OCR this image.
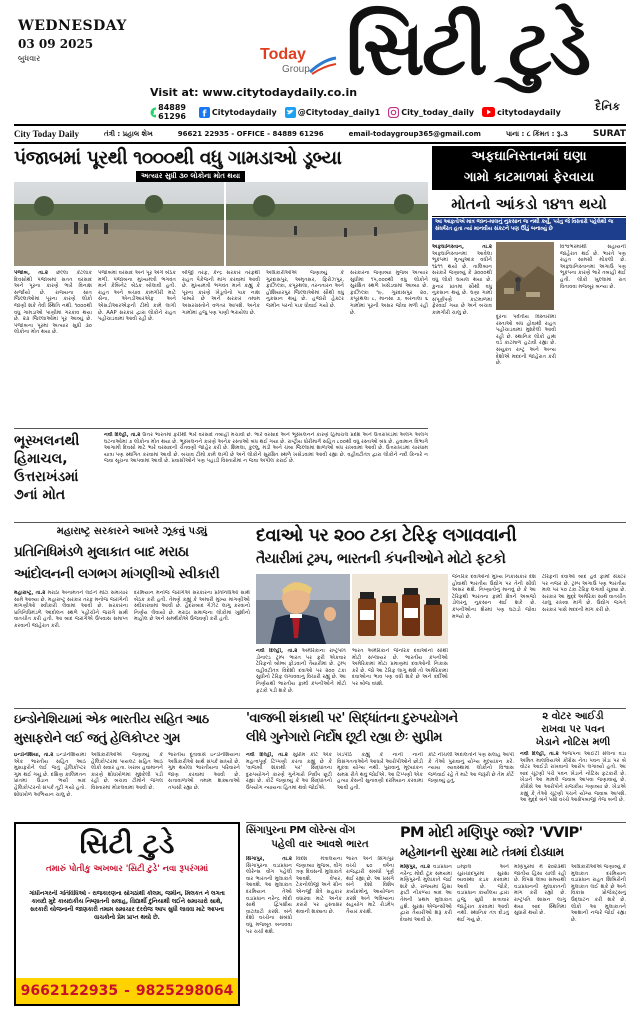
WEDNESDAY
03 09 2025
બુધવાર	Today
Group
Visit at: www.citytodaydaily.co.in
સિટી ટુડે
દૈનિક
84889 61296	f Citytodaydaily	@Citytoday_daily1	City_today_daily	citytodaydaily
City Today Daily	તંત્રી : પ્રહાલ શેખ	96621 22935 - OFFICE - 84889 61296	email-todaygroup365@gmail.com	પાના : ૮ કિંમત : રૂ.૩	SURAT
પંજાબમાં પૂરથી ૧૦૦૦થી વધુ ગામડાઓ ડૂબ્યા
અત્યાર સુધી ૩૦ લોકોના મોત થયા
પંજાબ, તા.૨ છેલ્લા કેટલાક દિવસોથી પંજાબમાં સતત વરસાદ અને પૂરના કારણે ભારે વિનાશ સર્જાયો છે. રાજ્યના સાત જિલ્લાઓમાં પૂરના કારણે લોકો જાણી શકે તેવી સ્થિતિ નથી. ૧૦૦૦થી વધુ ગામડાઓ પાણીમાં ગરકાવ થયા છે. ૨૩ જિલ્લાઓમાં પૂર આવ્યું છે. પંજાબના પૂરમાં અત્યાર સુધી ૩૦ લોકોના મોત થયા છે.
પંજાબમાં વરસાદ અને પૂર અંગે બેઠક મળી. પંજાબના મુખ્યમંત્રી ભગવંત માને કેબિનેટ બેઠક બોલાવી હતી. રાહત અને બચાવ કામગીરી માટે સેના, એનડીઆરએફ અને એસડીઆરએફની ટીમો કામે લાગી છે. AAP સરકાર દ્વારા લોકોને રાહત પહોંચાડવામાં આવી રહી છે.
બીજી તરફ, કેન્દ્ર સરકાર તરફથી રાહત પેકેજની માંગ કરવામાં આવી છે. મુખ્યમંત્રી ભગવંત માને કહ્યું કે પૂરના કારણે ખેડૂતોનો પાક નાશ પામ્યો છે અને સરકાર તમામ અસરગ્રસ્તોને વળતર આપશે. અનેક ગામોમાં હજુ પણ પાણી ભરાયેલા છે.
અધિકારીઓએ જણાવ્યું કે ગુરદાસપુર, અમૃતસર, ફિરોઝપુર, ફાઝિલ્કા, કપૂરથલા, તરનતારન અને હોશિયારપુર જિલ્લાઓમાં સૌથી વધુ નુકસાન થયું છે. હજારો હેક્ટર જમીન પરનો પાક ધોવાઈ ગયો છે.
સરકારના જણાવ્યા મુજબ અત્યાર સુધીમાં ૧૫,૦૦૦થી વધુ લોકોને સુરક્ષિત સ્થળે ખસેડવામાં આવ્યા છે. ફાઝિલ્કા ૧૯, ગુરદાસપુર ૨૦, કપૂરથલા ૮, માનસા ૭, બરનાલા ૬ ગામોમાં પૂરની અસર જોવા મળી રહી છે.
અફઘાનિસ્તાનમાં ઘણા
ગામો કાટમાળમાં ફેરવાયા
મોતનો આંકડો ૧૪૧૧ થયો
આ આફતોએ માત્ર જાન-માલનું નુકસાન જ નથી કર્યું, પરંતુ જે વિસ્તારો પહેલેથી જ સંઘર્ષરત હતા ત્યાં માનવીય સંકટને પણ ઊંડું બનાવ્યું છે
અફઘાનિસ્તાન, તા.૨ અફઘાનિસ્તાનમાં આવેલા ભૂકંપમાં મૃત્યુઆંક વધીને ૧૪૧૧ થયો છે. તાલિબાન સરકારે જણાવ્યું કે ૩૦૦૦થી વધુ લોકો ઘાયલ થયા છે. કુનાર પ્રાંતમાં સૌથી વધુ નુકસાન થયું છે. ઘણા ગામો સંપૂર્ણપણે કાટમાળમાં ફેરવાઈ ગયા છે અને બચાવ કામગીરી ચાલુ છે.
દૂરના પર્વતીય વિસ્તારોમાં રસ્તાઓ બંધ હોવાથી રાહત પહોંચાડવામાં મુશ્કેલી આવી રહી છે. સ્થાનિક લોકો હાથ વડે કાટમાળ હટાવી રહ્યા છે. સંયુક્ત રાષ્ટ્ર અને અન્ય દેશોએ મદદની જાહેરાત કરી છે.
વિશ્વભરમાંથી સહાયની જાહેરાત થઈ છે. ભારતે પણ રાહત સામગ્રી મોકલી છે. અફઘાનિસ્તાનમાં અગાઉ પણ ભૂકંપના કારણે ભારે તબાહી થઈ હતી. લોકો ખુલ્લામાં રાત વિતાવવા મજબૂર બન્યા છે.
ભૂસ્ખલનથી
હિમાચલ,
ઉત્તરાખંડમાં
૭નાં મોત
નવી દિલ્હી, તા.૨ ઉત્તર ભારતમાં ફરીથી ભારે વરસાદે તબાહી મચાવી છે. ભારે વરસાદ અને ભૂસ્ખલનને કારણે હિમાચલ પ્રદેશ અને ઉત્તરાખંડમાં અલગ અલગ ઘટનાઓમાં ૭ લોકોના મોત થયા છે. ભૂસ્ખલનને કારણે અનેક રસ્તાઓ બંધ થઈ ગયા છે. રાષ્ટ્રીય ધોરીમાર્ગ સહિત ૮૦૦થી વધુ રસ્તાઓ બંધ છે. હવામાન વિભાગે આગામી દિવસો માટે ભારે વરસાદની ચેતવણી જાહેર કરી છે. શિમલા, કુલ્લુ, મંડી અને ચંબા જિલ્લામાં શાળાઓ બંધ રાખવામાં આવી છે. ઉત્તરાખંડમાં ચારધામ યાત્રા પણ સ્થગિત કરવામાં આવી છે. બચાવ ટીમો કામે લાગી છે અને લોકોને સુરક્ષિત સ્થળે ખસેડવામાં આવી રહ્યા છે. વહીવટીતંત્ર દ્વારા લોકોને નદી કિનારે ન જવા સૂચના આપવામાં આવી છે. પ્રવાસીઓને પણ પહાડી વિસ્તારોમાં ન જવા અપીલ કરાઈ છે.
મહારાષ્ટ્ર સરકારને આખરે ઝૂકવું પડ્યું
પ્રતિનિધિમંડળે મુલાકાત બાદ મરાઠા
આંદોલનની લગભગ માંગણીઓ સ્વીકારી
મહારાષ્ટ્ર, તા.૨ મરાઠા અનામતને લઈને મોટા સમાચાર સામે આવ્યા છે. મહારાષ્ટ્ર સરકાર તરફ મનોજ જરાંગેની માંગણીઓ સ્વીકારી લેવામાં આવી છે. સરકારના પ્રતિનિધિમંડળે આંદોલન સ્થળે પહોંચીને જરાંગે સાથે વાતચીત કરી હતી. આ બાદ જરાંગેએ ઉપવાસ સમાપ્ત કરવાની જાહેરાત કરી.
દરમિયાન મનોજ જરાંગેએ સરકારના પ્રતિનિધિઓ સાથે બેઠક કરી હતી. તેમણે કહ્યું કે અમારી મુખ્ય માંગણીઓ સ્વીકારવામાં આવી છે. હૈદરાબાદ ગેઝેટ લાગુ કરવાનો નિર્ણય લેવાયો છે. મરાઠા સમાજના લોકોમાં ખુશીનો માહોલ છે અને સમર્થકોએ ઉજવણી કરી હતી.
દવાઓ પર ૨૦૦ ટકા ટેરિફ લગાવવાની
તૈયારીમાં ટ્રમ્પ, ભારતની કંપનીઓને મોટો ફટકો
નવી દિલ્હી, તા.૨ અમેરિકાના રાષ્ટ્રપતિ ડોનાલ્ડ ટ્રમ્પ ભારત પર ફરી એકવાર ટેરિફનો બોમ્બ ફોડવાની તૈયારીમાં છે. ટ્રમ્પ વહીવટીતંત્ર વિદેશી દવાઓ પર ૨૦૦ ટકા સુધીનો ટેરિફ લગાવવાનું વિચારી રહ્યું છે. આ નિર્ણયથી ભારતીય ફાર્મા કંપનીઓને મોટો ફટકો પડી શકે છે.
ભારત અમેરિકાને જેનરિક દવાઓનો સૌથી મોટો સપ્લાયર છે. ભારતીય કંપનીઓ અમેરિકામાં મોટા પ્રમાણમાં દવાઓની નિકાસ કરે છે. જો આ ટેરિફ લાગુ થશે તો અમેરિકામાં દવાઓના ભાવ પણ વધી શકે છે અને દર્દીઓ પર બોજ વધશે.
જેનરિક દવાઓનો મુખ્ય નિકાસકાર દેશ હોવાથી ભારતીય ઉદ્યોગ પર તેની સીધી અસર થશે. નિષ્ણાતોનું માનવું છે કે આ ટેરિફથી ભારતના ફાર્મા ક્ષેત્રને અબજો ડોલરનું નુકસાન થઈ શકે છે. કંપનીઓના શેરમાં પણ ઘટાડો જોવા મળ્યો છે.
ટેરિફની દવાઓ બાદ હવે ફાર્મા સેક્ટર પર નજર છે. ટ્રમ્પ અગાઉ પણ ભારતીય માલ પર ૫૦ ટકા ટેરિફ લગાવી ચૂક્યા છે. સરકાર આ મુદ્દે અમેરિકા સાથે વાતચીત ચાલુ રાખવા માંગે છે. ઉદ્યોગ જગતે સરકાર પાસે મદદની માંગ કરી છે.
ઇન્ડોનેશિયામાં એક ભારતીય સહિત આઠ
મુસાફરોને લઈ જતું હેલિકોપ્ટર ગુમ
ઇન્ડોનેશિયા, તા.૨ ઇન્ડોનેશિયામાં એક ભારતીય સહિત આઠ મુસાફરોને લઈ જતું હેલિકોપ્ટર ગુમ થઈ ગયું છે. દક્ષિણ કાલિમંતન પ્રાંતમાં ઉડાન ભર્યા બાદ હેલિકોપ્ટરનો સંપર્ક તૂટી ગયો હતો. શોધખોળ અભિયાન ચાલુ છે.
અધિકારીઓએ જણાવ્યું કે હેલિકોપ્ટરમાં પાયલટ સહિત આઠ લોકો સવાર હતા. ખરાબ હવામાનને કારણે શોધખોળમાં મુશ્કેલી પડી રહી છે. બચાવ ટીમોને જંગલ વિસ્તારમાં મોકલવામાં આવી છે.
ભારતીય દૂતાવાસે ઇન્ડોનેશિયાના અધિકારીઓ સાથે સંપર્ક સાધ્યો છે. ગુમ થયેલા ભારતીયના પરિવારને જાણ કરવામાં આવી છે. સત્તાવાળાઓ તમામ શક્યતાઓ તપાસી રહ્યા છે.
'વાજબી શંકાથી પર' સિદ્ધાંતના દુરુપયોગને
લીધે ગુનેગારો નિર્દોષ છૂટી રહ્યા છેઃ સુપ્રીમ
નવી દિલ્હી, તા.૨ સુપ્રીમ કોર્ટે એક મહત્વપૂર્ણ ટિપ્પણી કરતા કહ્યું છે કે 'વાજબી શંકાથી પર' સિદ્ધાંતના દુરુપયોગને કારણે ગુનેગારો નિર્દોષ છૂટી રહ્યા છે. કોર્ટે જણાવ્યું કે આ સિદ્ધાંતનો ઉપયોગ ન્યાયના હિતમાં થવો જોઈએ.
ખંડપીઠે કહ્યું કે નાની નાની વિસંગતતાઓને આધારે આરોપીઓને છોડી મૂકવા યોગ્ય નથી. પુરાવાનું મૂલ્યાંકન સમગ્ર રીતે થવું જોઈએ. આ ટિપ્પણી એક હત્યા કેસની સુનાવણી દરમિયાન કરવામાં આવી હતી.
કોર્ટે નીચલી અદાલતોને પણ સલાહ આપી કે તેઓ પુરાવાનું યોગ્ય મૂલ્યાંકન કરે. ન્યાય વ્યવસ્થામાં લોકોનો વિશ્વાસ જળવાઈ રહે તે માટે આ જરૂરી છે તેમ કોર્ટે જણાવ્યું હતું.
૨ વોટર આઈડી
રાખવા પર પવન
ખેડાને નોટિસ મળી
નવી દિલ્હી, તા.૨ ભાજપના આઈટી સેલના વડા અમિત માલવિયાએ કોંગ્રેસ નેતા પવન ખેડા પર બે વોટર આઈડી રાખવાનો આરોપ લગાવ્યો હતો. આ બાદ ચૂંટણી પંચે પવન ખેડાને નોટિસ ફટકારી છે. ખેડાને આ મામલે જવાબ આપવા જણાવાયું છે. કોંગ્રેસે આ આરોપોને રાજકીય ગણાવ્યા છે. ખેડાએ કહ્યું કે તેઓ ચૂંટણી પંચને યોગ્ય જવાબ આપશે. આ મુદ્દે બંને પક્ષો વચ્ચે આક્ષેપબાજી તેજ બની છે.
સિટી ટુડે
તમારું પોતીકુ અખબાર 'સિટી ટુડે' નવા રૂપરંગમાં
ગાંધીનગરની ગતિવિધિઓ - રાજકારણના સોગઠાંથી કોલમ, જમીન, મિલકત ને લગતા કાયદો મુદે કાયદાકીય નિષ્ણાતની સલાહ, વિદ્યાર્થી દુનિયાથી લઈને સમાચારો સાથે, સરકારી યોજનાની જાણકારી તમામ સમાચાર દરરોજ આપ સુધી લાવવા માટે આપના વાચકોનો પ્રેમ પ્રાપ્ત થયો છે.
9662122935 - 9825298064
સિંગાપુરના PM લોરેન્સ વોંગ
પહેલી વાર આવશે ભારત
સિંગાપુર, તા.૨ સિંગાપુરના વડાપ્રધાન લોરેન્સ વોંગ પહેલી વાર ભારતની મુલાકાતે આવશે. આ મુલાકાત દરમિયાન તેઓ વડાપ્રધાન નરેન્દ્ર મોદી સાથે દ્વિપક્ષીય વાટાઘાટો કરશે. બંને દેશો વચ્ચેના સંબંધો વધુ મજબૂત બનાવવા પર ચર્ચા થશે.
વિદેશ મંત્રાલયના જણાવ્યા મુજબ, વોંગ ત્રણ દિવસની મુલાકાતે આવશે. વેપાર, ટેકનોલોજી અને ગ્રીન એનર્જી ક્ષેત્રે સહકાર વધારવા માટે અનેક કરારો પર હસ્તાક્ષર થવાની શક્યતા છે.
ભારત અને સિંગાપુર વચ્ચે ૬૦ વર્ષના રાજદ્વારી સંબંધો પૂર્ણ થઈ રહ્યા છે. આ પ્રસંગે બંને દેશો વિશેષ કાર્યક્રમોનું આયોજન કરશે અને ભવિષ્યના સહયોગ માટે રોડમેપ તૈયાર કરાશે.
PM મોદી મણિપુર જશે? 'VVIP'
મહેમાનની સુરક્ષા માટે તંત્રમાં દોડધામ
મણિપુર, તા.૨ વડાપ્રધાન નરેન્દ્ર મોદી ટૂંક સમયમાં મણિપુરની મુલાકાતે જઈ શકે છે. રાજ્યમાં હિંસા ફાટી નીકળ્યા બાદ આ તેમની પ્રથમ મુલાકાત હશે. સુરક્ષા એજન્સીઓ દ્વારા તૈયારીઓ શરૂ કરી દેવામાં આવી છે.
ઇમ્ફાલ અને ચુરાચાંદપુરમાં સુરક્ષા વ્યવસ્થા કડક કરવામાં આવી છે. જોકે, વડાપ્રધાન કાર્યાલય દ્વારા હજુ સુધી સત્તાવાર જાહેરાત કરવામાં આવી નથી. સ્થાનિક તંત્ર દોડતું થઈ ગયું છે.
મણિપુરમાં મે ૨૦૨૩થી જાતીય હિંસા ચાલી રહી છે. વિપક્ષ લાંબા સમયથી વડાપ્રધાનની મુલાકાતની માંગ કરી રહ્યો છે. રાષ્ટ્રપતિ શાસન લાગુ થયા બાદ સ્થિતિમાં સુધારો થયો છે.
અધિકારીઓએ જણાવ્યું કે મુલાકાત દરમિયાન વડાપ્રધાન રાહત શિબિરોની મુલાકાત લઈ શકે છે અને વિકાસ પ્રોજેક્ટ્સનું ઉદ્ઘાટન કરી શકે છે. લોકો આ મુલાકાતને આશાની નજરે જોઈ રહ્યા છે.
